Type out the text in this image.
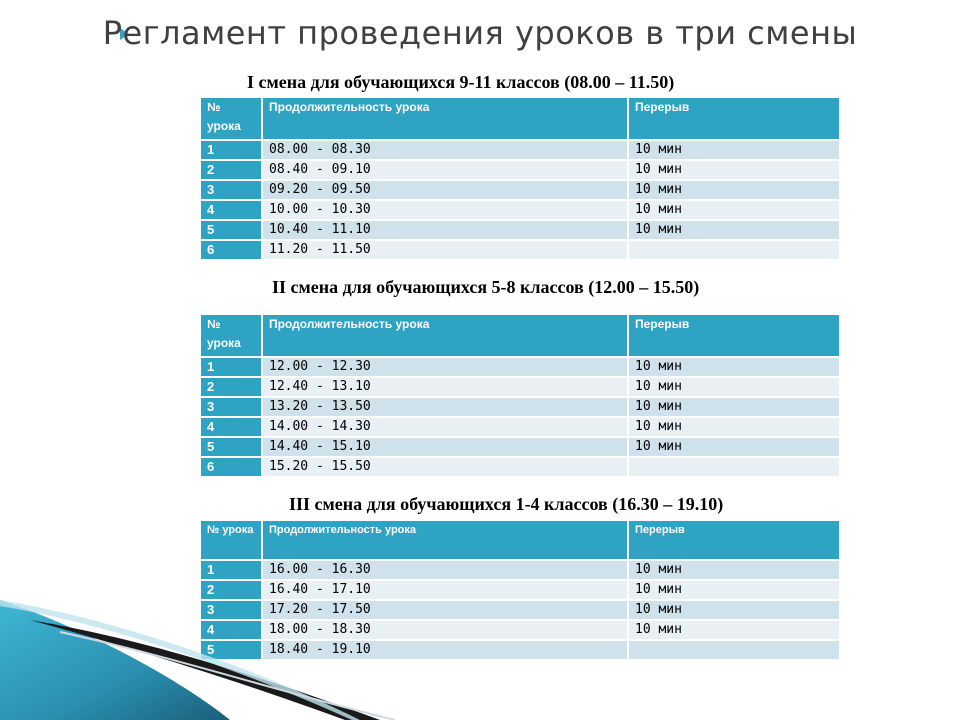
Регламент проведения уроков в три смены
I смена для обучающихся 9-11 классов (08.00 – 11.50)
№ урока	Продолжительность урока	Перерыв
1	08.00 - 08.30	10 мин
2	08.40 - 09.10	10 мин
3	09.20 - 09.50	10 мин
4	10.00 - 10.30	10 мин
5	10.40 - 11.10	10 мин
6	11.20 - 11.50	
II смена для обучающихся 5-8 классов (12.00 – 15.50)
№ урока	Продолжительность урока	Перерыв
1	12.00 - 12.30	10 мин
2	12.40 - 13.10	10 мин
3	13.20 - 13.50	10 мин
4	14.00 - 14.30	10 мин
5	14.40 - 15.10	10 мин
6	15.20 - 15.50	
III смена для обучающихся 1-4 классов (16.30 – 19.10)
№ урока	Продолжительность урока	Перерыв
1	16.00 - 16.30	10 мин
2	16.40 - 17.10	10 мин
3	17.20 - 17.50	10 мин
4	18.00 - 18.30	10 мин
5	18.40 - 19.10	
